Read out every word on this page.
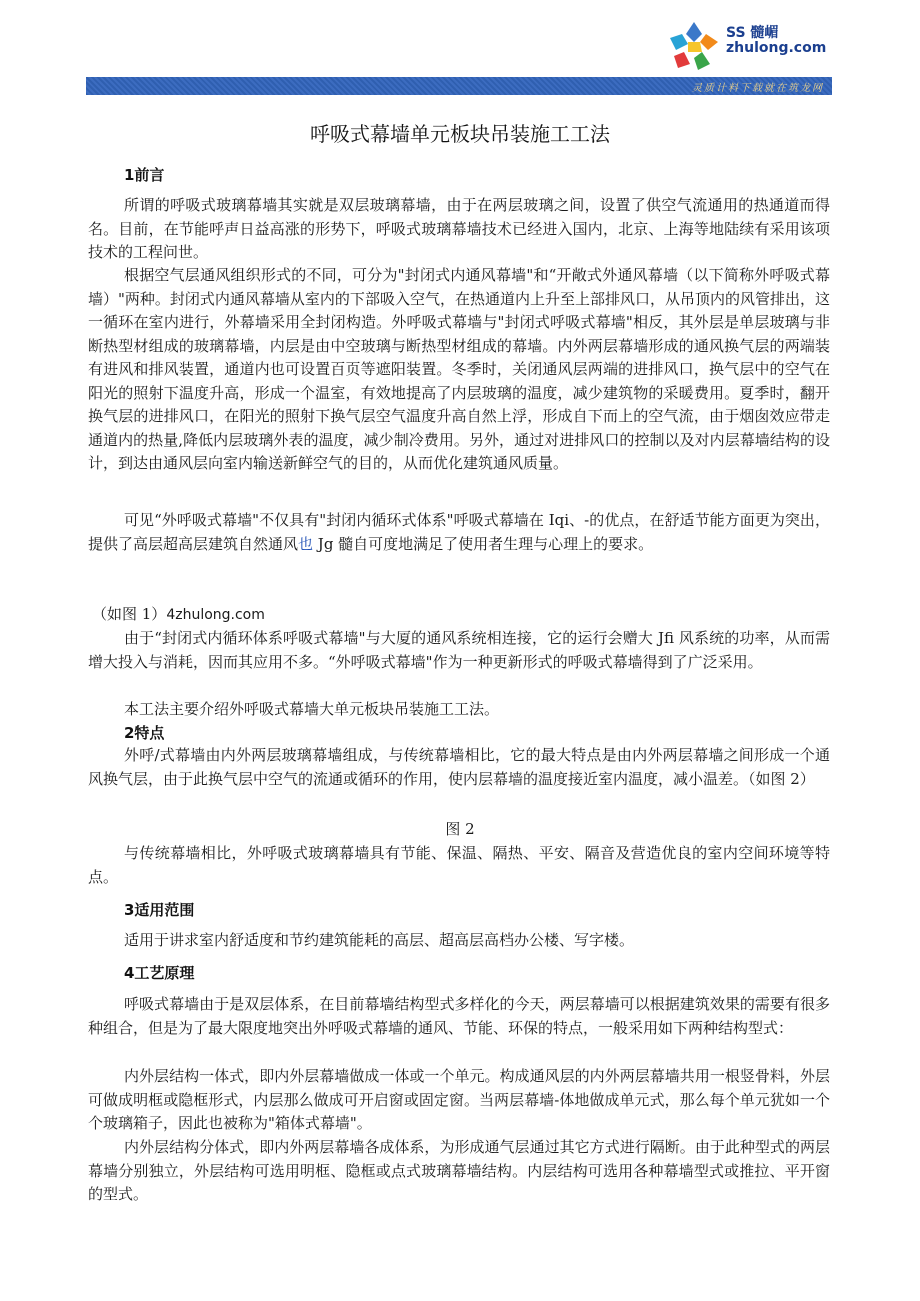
SS 髓嵋
zhulong.com
灵质计料下载就在筑龙网
呼吸式幕墙单元板块吊装施工工法
1前言

所谓的呼吸式玻璃幕墙其实就是双层玻璃幕墙，由于在两层玻璃之间，设置了供空气流通用的热通道而得名。目前，在节能呼声日益高涨的形势下，呼吸式玻璃幕墙技术已经进入国内，北京、上海等地陆续有采用该项技术的工程问世。

根据空气层通风组织形式的不同，可分为"封闭式内通风幕墙"和“开敞式外通风幕墙（以下简称外呼吸式幕墙）"两种。封闭式内通风幕墙从室内的下部吸入空气，在热通道内上升至上部排风口，从吊顶内的风管排出，这一循环在室内进行，外幕墙采用全封闭构造。外呼吸式幕墙与"封闭式呼吸式幕墙"相反，其外层是单层玻璃与非断热型材组成的玻璃幕墙，内层是由中空玻璃与断热型材组成的幕墙。内外两层幕墙形成的通风换气层的两端装有进风和排风装置，通道内也可设置百页等遮阳装置。冬季时，关闭通风层两端的进排风口，换气层中的空气在阳光的照射下温度升高，形成一个温室，有效地提高了内层玻璃的温度，减少建筑物的采暖费用。夏季时，翻开换气层的进排风口，在阳光的照射下换气层空气温度升高自然上浮，形成自下而上的空气流，由于烟囱效应带走通道内的热量,降低内层玻璃外表的温度，减少制冷费用。另外，通过对进排风口的控制以及对内层幕墙结构的设计，到达由通风层向室内输送新鲜空气的目的，从而优化建筑通风质量。

可见“外呼吸式幕墙"不仅具有"封闭内循环式体系"呼吸式幕墙在 Iqi、-的优点，在舒适节能方面更为突出，提供了高层超高层建筑自然通风也 Jg 髓自可度地满足了使用者生理与心理上的要求。

（如图 1）4zhulong.com

由于“封闭式内循环体系呼吸式幕墙"与大厦的通风系统相连接，它的运行会赠大 Jfi 风系统的功率，从而需增大投入与消耗，因而其应用不多。“外呼吸式幕墙"作为一种更新形式的呼吸式幕墙得到了广泛采用。

本工法主要介绍外呼吸式幕墙大单元板块吊装施工工法。

2特点

外呼/式幕墙由内外两层玻璃幕墙组成，与传统幕墙相比，它的最大特点是由内外两层幕墙之间形成一个通风换气层，由于此换气层中空气的流通或循环的作用，使内层幕墙的温度接近室内温度，减小温差。（如图 2）

图 2

与传统幕墙相比，外呼吸式玻璃幕墙具有节能、保温、隔热、平安、隔音及营造优良的室内空间环境等特点。

3适用范围

适用于讲求室内舒适度和节约建筑能耗的高层、超高层高档办公楼、写字楼。

4工艺原理

呼吸式幕墙由于是双层体系，在目前幕墙结构型式多样化的今天，两层幕墙可以根据建筑效果的需要有很多种组合，但是为了最大限度地突出外呼吸式幕墙的通风、节能、环保的特点，一般采用如下两种结构型式：

内外层结构一体式，即内外层幕墙做成一体或一个单元。构成通风层的内外两层幕墙共用一根竖骨料，外层可做成明框或隐框形式，内层那么做成可开启窗或固定窗。当两层幕墙-体地做成单元式，那么每个单元犹如一个个玻璃箱子，因此也被称为"箱体式幕墙"。

内外层结构分体式，即内外两层幕墙各成体系，为形成通气层通过其它方式进行隔断。由于此种型式的两层幕墙分别独立，外层结构可选用明框、隐框或点式玻璃幕墙结构。内层结构可选用各种幕墙型式或推拉、平开窗的型式。
